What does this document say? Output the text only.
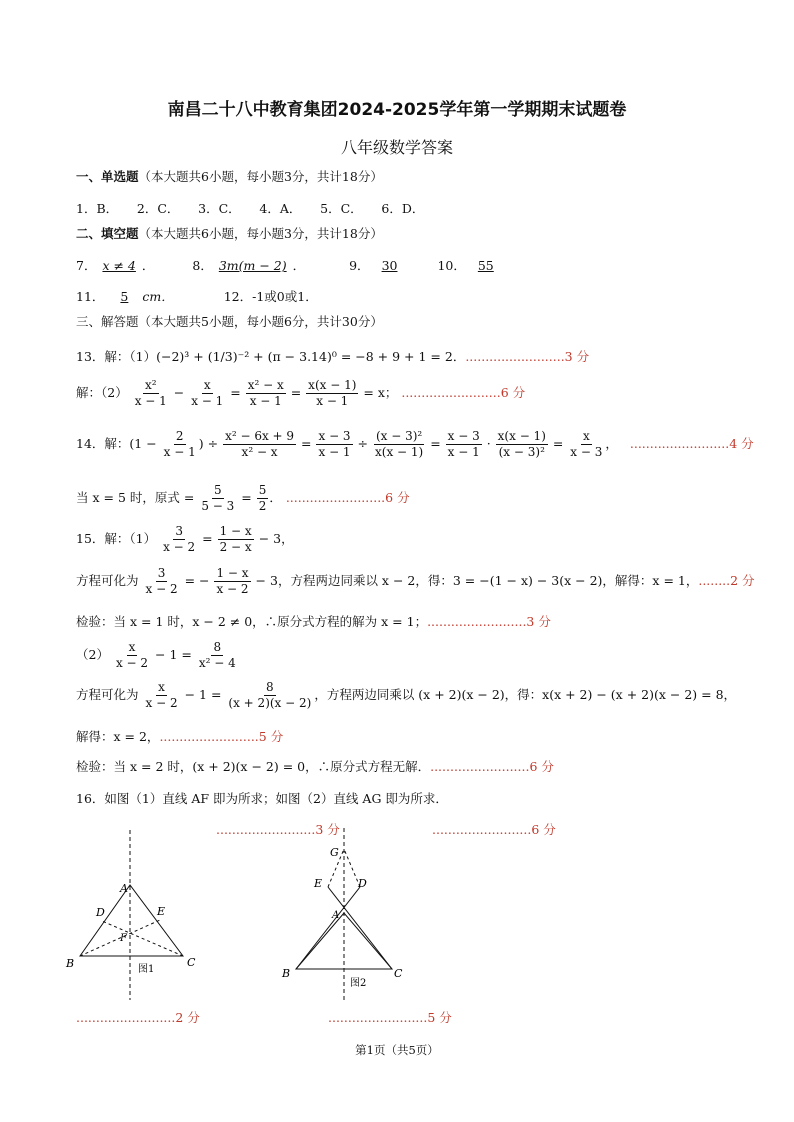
南昌二十八中教育集团2024-2025学年第一学期期末试题卷
八年级数学答案
一、单选题（本大题共6小题，每小题3分，共计18分）
1．B．　　2．C．　　3．C．　　4．A．　　5．C．　　6．D．
二、填空题（本大题共6小题，每小题3分，共计18分）
7． x ≠ 4 ．	8． 3m(m − 2) ．	9． 30	10． 55
11． 5 cm．	12．-1或0或1．
三、解答题（本大题共5小题，每小题6分，共计30分）
13．解：（1）(−2)³ + (1/3)⁻² + (π − 3.14)⁰ = −8 + 9 + 1 = 2．.........................3 分
解：$(2) \frac{\text{x²}}{x - 1} - \frac{x}{x - 1} = \frac{\text{x² − x}}{x - 1} = \frac{x(x - 1)}{x - 1} = x$； .........................6 分
14．解：($1 - \frac{2}{x - 1}$ ) ÷ $\frac{\text{x² − 6x + 9}}{\text{x² − x}} = \frac{x - 3}{x - 1} \div \frac{\text{(x − 3)²}}{x(x - 1)} = \frac{x - 3}{x - 1} \cdot \frac{x(x - 1)}{\text{(x − 3)²}} = \frac{x}{x - 3}$ ， .........................4 分
当 x = 5 时，原式 = $\frac{5}{5 - 3} = \frac{5}{2}$ ． .........................6 分
15．解：$(1) \frac{3}{x - 2} = \frac{1 - x}{2 - x} - 3$，
方程可化为 $\frac{3}{x - 2}$ = − $\frac{1 - x}{x - 2} - 3$，方程两边同乘以 x − 2，得：3 = −(1 − x) − 3(x − 2)，解得：x = 1，........2 分
检验：当 x = 1 时，x − 2 ≠ 0，∴原分式方程的解为 x = 1；.........................3 分
$(2) \frac{x}{x - 2} - 1 = \frac{8}{\text{x² − 4}}$
方程可化为 $\frac{x}{x - 2} - 1 = \frac{8}{(x + 2)(x - 2)}$ ，方程两边同乘以 (x + 2)(x − 2)，得：x(x + 2) − (x + 2)(x − 2) = 8，
解得：x = 2，.........................5 分
检验：当 x = 2 时，(x + 2)(x − 2) = 0，∴原分式方程无解．.........................6 分
16．如图（1）直线 AF 即为所求；如图（2）直线 AG 即为所求．
.........................3 分	.........................6 分
.........................2 分	.........................5 分
A
D	E
F
B	C
图1
G
E	D
A
B	C
图2
第1页（共5页）
